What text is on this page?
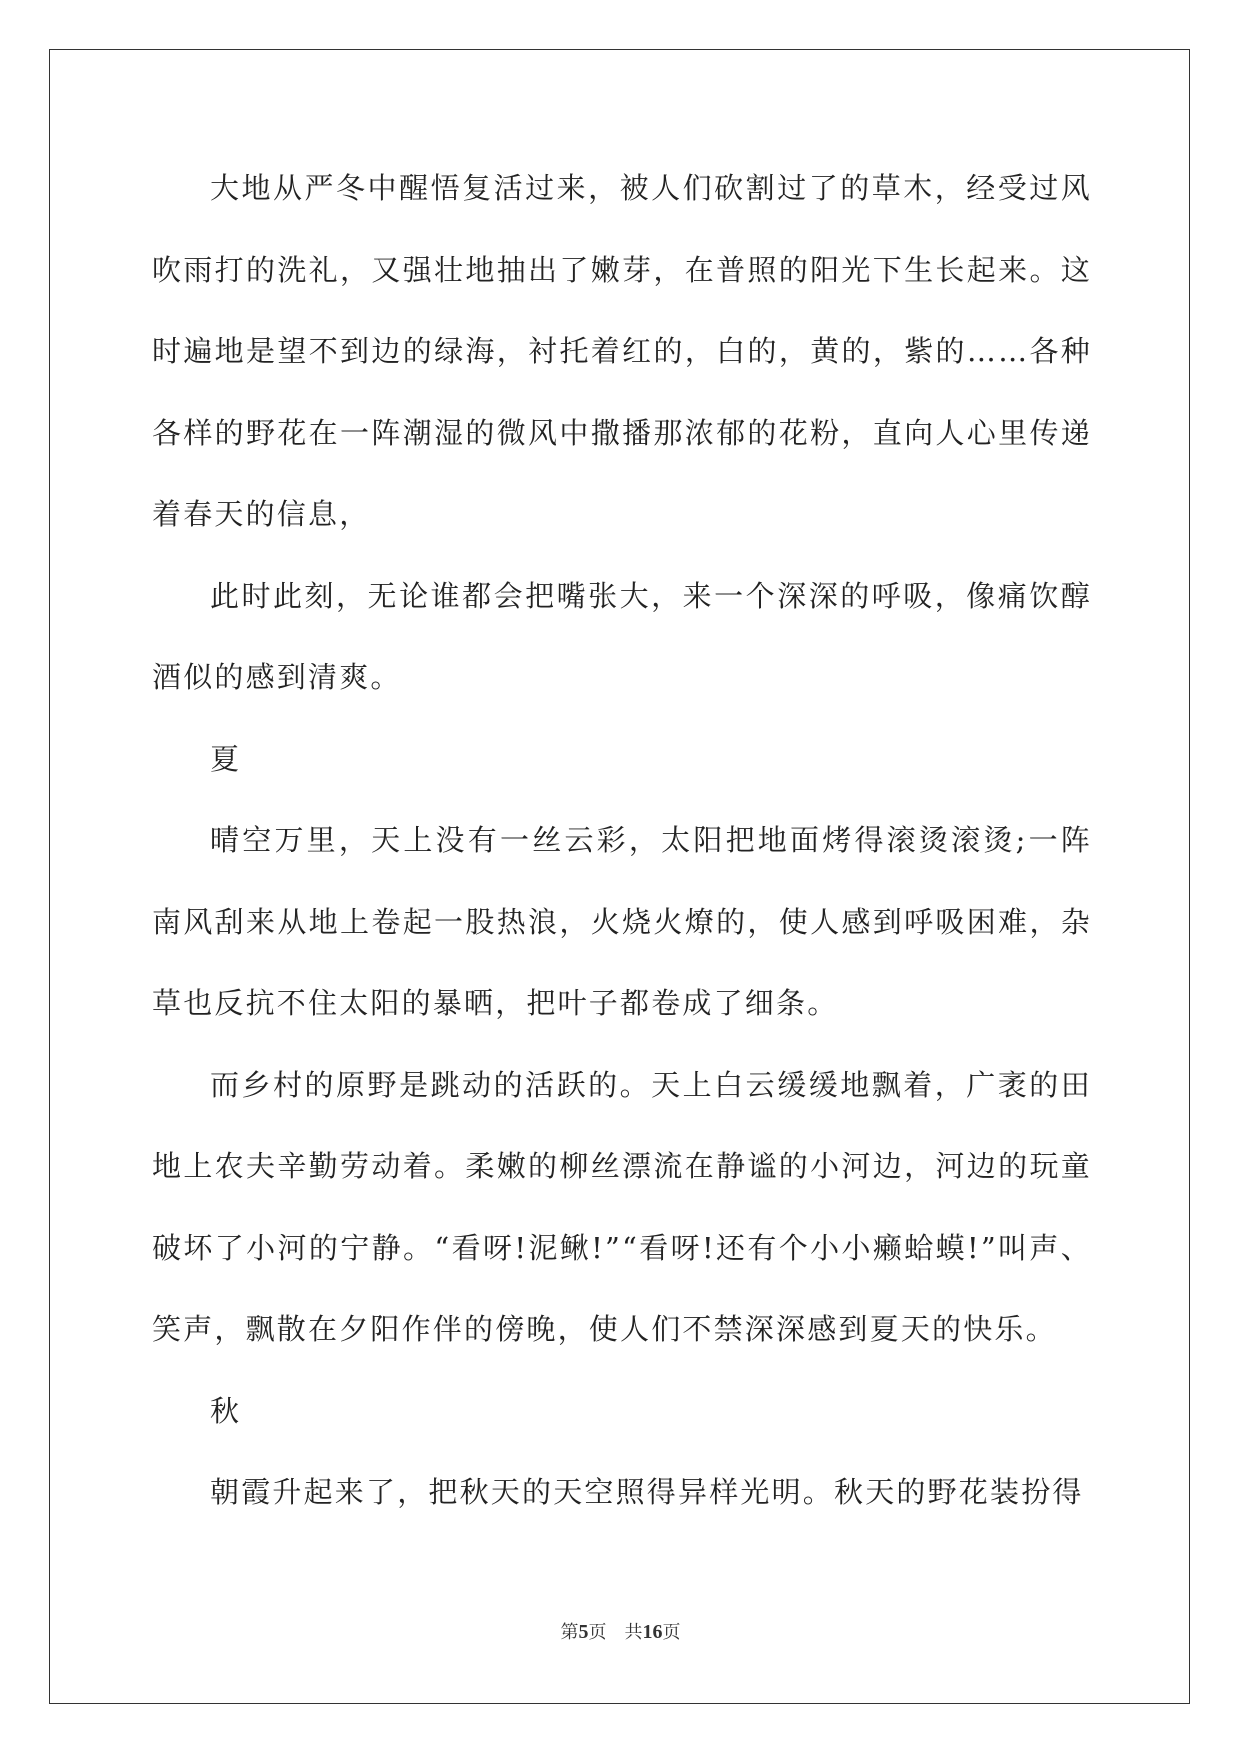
大地从严冬中醒悟复活过来，被人们砍割过了的草木，经受过风吹雨打的洗礼，又强壮地抽出了嫩芽，在普照的阳光下生长起来。这时遍地是望不到边的绿海，衬托着红的，白的，黄的，紫的……各种各样的野花在一阵潮湿的微风中撒播那浓郁的花粉，直向人心里传递着春天的信息，

此时此刻，无论谁都会把嘴张大，来一个深深的呼吸，像痛饮醇酒似的感到清爽。

夏

晴空万里，天上没有一丝云彩，太阳把地面烤得滚烫滚烫;一阵南风刮来从地上卷起一股热浪，火烧火燎的，使人感到呼吸困难，杂草也反抗不住太阳的暴晒，把叶子都卷成了细条。

而乡村的原野是跳动的活跃的。天上白云缓缓地飘着，广袤的田地上农夫辛勤劳动着。柔嫩的柳丝漂流在静谧的小河边，河边的玩童破坏了小河的宁静。“看呀!泥鳅!”“看呀!还有个小小癞蛤蟆!”叫声、笑声，飘散在夕阳作伴的傍晚，使人们不禁深深感到夏天的快乐。

秋

朝霞升起来了，把秋天的天空照得异样光明。秋天的野花装扮得

第5页　共16页
